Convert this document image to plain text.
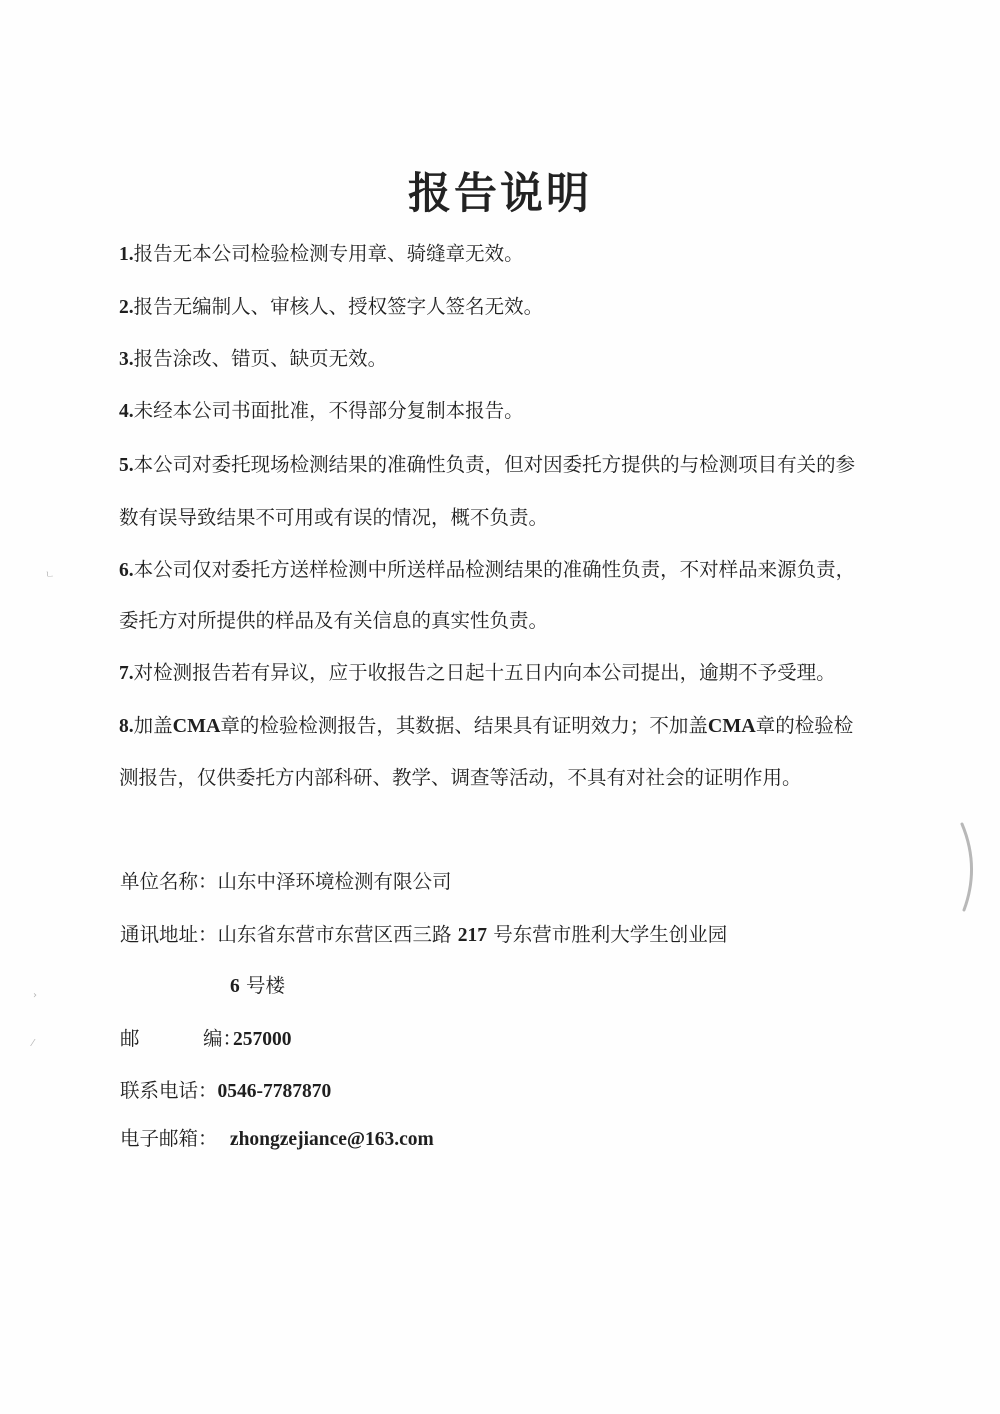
报告说明
1.报告无本公司检验检测专用章、骑缝章无效。
2.报告无编制人、审核人、授权签字人签名无效。
3.报告涂改、错页、缺页无效。
4.未经本公司书面批准，不得部分复制本报告。
5.本公司对委托现场检测结果的准确性负责，但对因委托方提供的与检测项目有关的参
数有误导致结果不可用或有误的情况，概不负责。
6.本公司仅对委托方送样检测中所送样品检测结果的准确性负责，不对样品来源负责，
委托方对所提供的样品及有关信息的真实性负责。
7.对检测报告若有异议，应于收报告之日起十五日内向本公司提出，逾期不予受理。
8.加盖CMA章的检验检测报告，其数据、结果具有证明效力；不加盖CMA章的检验检
测报告，仅供委托方内部科研、教学、调查等活动，不具有对社会的证明作用。
单位名称：山东中泽环境检测有限公司
通讯地址：山东省东营市东营区西三路 217 号东营市胜利大学生创业园
6 号楼
邮	编：257000
联系电话：0546-7787870
电子邮箱： zhongzejiance@163.com
ㄴ
›
⁄
